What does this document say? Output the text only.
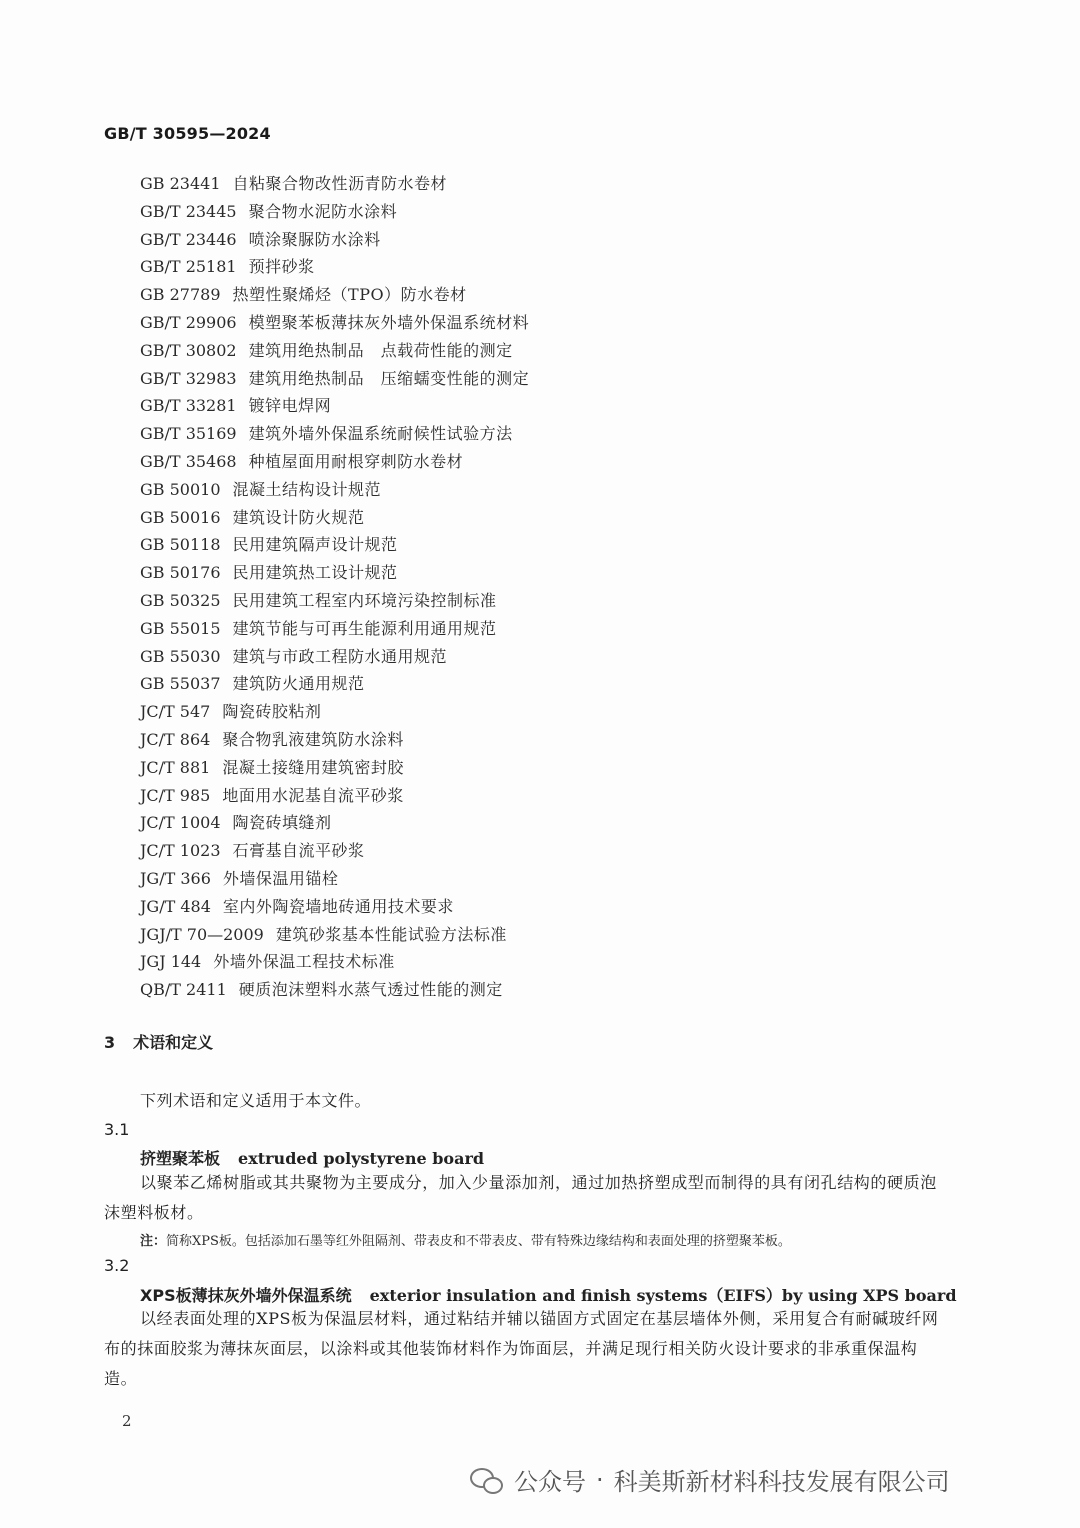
GB/T 30595—2024
GB 23441 自粘聚合物改性沥青防水卷材
GB/T 23445 聚合物水泥防水涂料
GB/T 23446 喷涂聚脲防水涂料
GB/T 25181 预拌砂浆
GB 27789 热塑性聚烯烃（TPO）防水卷材
GB/T 29906 模塑聚苯板薄抹灰外墙外保温系统材料
GB/T 30802 建筑用绝热制品　点载荷性能的测定
GB/T 32983 建筑用绝热制品　压缩蠕变性能的测定
GB/T 33281 镀锌电焊网
GB/T 35169 建筑外墙外保温系统耐候性试验方法
GB/T 35468 种植屋面用耐根穿刺防水卷材
GB 50010 混凝土结构设计规范
GB 50016 建筑设计防火规范
GB 50118 民用建筑隔声设计规范
GB 50176 民用建筑热工设计规范
GB 50325 民用建筑工程室内环境污染控制标准
GB 55015 建筑节能与可再生能源利用通用规范
GB 55030 建筑与市政工程防水通用规范
GB 55037 建筑防火通用规范
JC/T 547 陶瓷砖胶粘剂
JC/T 864 聚合物乳液建筑防水涂料
JC/T 881 混凝土接缝用建筑密封胶
JC/T 985 地面用水泥基自流平砂浆
JC/T 1004 陶瓷砖填缝剂
JC/T 1023 石膏基自流平砂浆
JG/T 366 外墙保温用锚栓
JG/T 484 室内外陶瓷墙地砖通用技术要求
JGJ/T 70—2009 建筑砂浆基本性能试验方法标准
JGJ 144 外墙外保温工程技术标准
QB/T 2411 硬质泡沫塑料水蒸气透过性能的测定
3 术语和定义
下列术语和定义适用于本文件。
3.1
挤塑聚苯板 extruded polystyrene board
以聚苯乙烯树脂或其共聚物为主要成分，加入少量添加剂，通过加热挤塑成型而制得的具有闭孔结构的硬质泡沫塑料板材。
注：简称XPS板。包括添加石墨等红外阻隔剂、带表皮和不带表皮、带有特殊边缘结构和表面处理的挤塑聚苯板。
3.2
XPS板薄抹灰外墙外保温系统 exterior insulation and finish systems（EIFS）by using XPS board
以经表面处理的XPS板为保温层材料，通过粘结并辅以锚固方式固定在基层墙体外侧，采用复合有耐碱玻纤网布的抹面胶浆为薄抹灰面层，以涂料或其他装饰材料作为饰面层，并满足现行相关防火设计要求的非承重保温构造。
2
公众号 · 科美斯新材料科技发展有限公司
